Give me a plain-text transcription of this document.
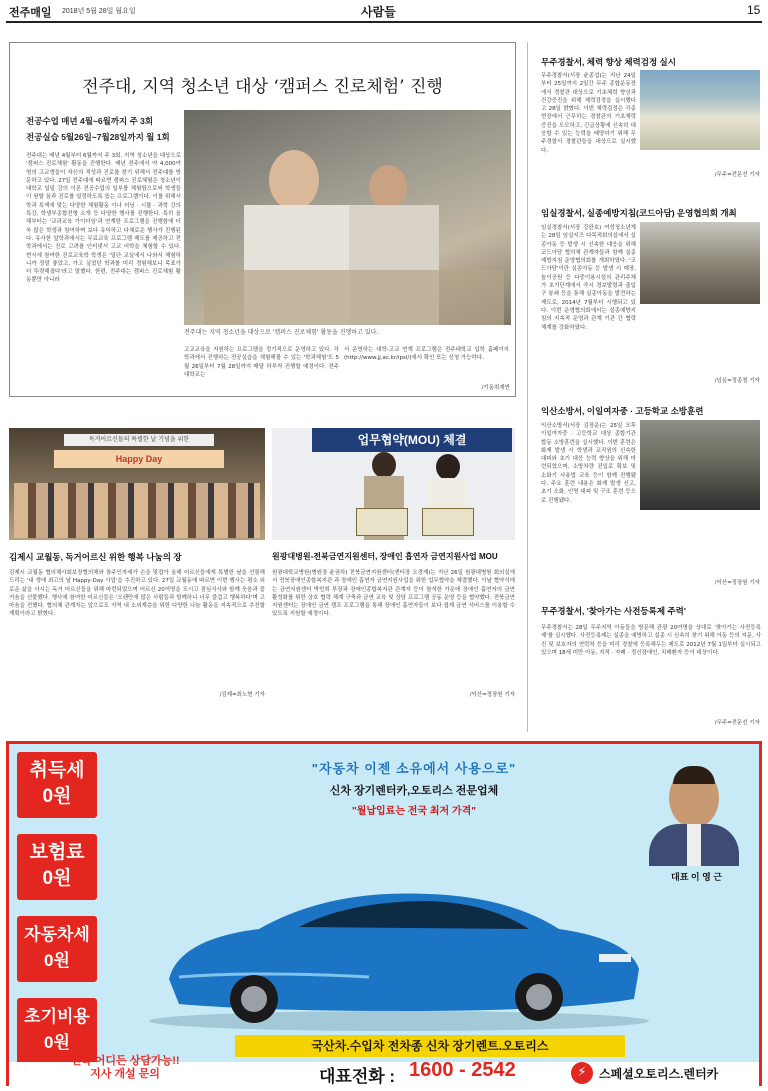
전주매일 2018년 5월 28일 월요일	사람들	15
전주대, 지역 청소년 대상 ‘캠퍼스 진로체험’ 진행
전공수업 매년 4월~6월까지 주 3회
전공실습 5월26일~7월28일까지 월 1회
전주대는 매년 4월부터 6월까지 주 3회, 지역 청소년을 대상으로 '캠퍼스 진로체험' 활동을 진행한다. 매년 전주에서 약 4,000여 명의 고교생들이 자신의 적성과 진로를 찾기 위해서 전주대를 방문하고 있다. 27일 전주대에 따르면 캠퍼스 진로체험은 청소년이 대학교 일일 강의 이론 전공수업의 일부를 체험함으로써 학생들이 원할 꿈과 진로를 설정하도록 돕는 프로그램이다. 이를 위해서 학과 특색에 맞는 다양한 체험활동 이나 러닝 · 시뮬 · 과학 강의 특강, 학생부종합전형 소개 등 다양한 행사를 진행한다. 특히 올해부터는 '교과교육 가이더임'과 연계한 프로그램을 진행함에 더욱 많은 학생과 참여하며 보다 유익하고 다채로운 행사가 진행된다. 유사한 앞학과에서는 무료교육 프로그램 제도를 제공하고 전 학과에서는 진로 고려를 인터넷서 고교 어학을 체험할 수 있다. 현시에 참여한 진로교육학 학생은 '일단 교실에서 나와서 체험하니까 정말 좋았고, 가고 싶었던 학과를 미리 경험해보니 목표가 더 뚜렷해졌다'라고 말했다. 한편, 전주대는 캠퍼스 진로체험 활동뿐만 아니라
전주대는 지역 청소년을 대상으로 '캠퍼스 진로체험' 활동을 진행하고 있다.
고교교육을 지원하는 프로그램을 정기적으로 운영하고 있다. 각 학과에서 진행하는 전공실습을 체험해볼 수 있는 '학과체험'도 5월 26일부터 7월 28일까지 매달 하루씩 진행할 예정이다. 전주대학교는
서 운영하는 대학-고교 연계 프로그램은 전주대학교 입학 홈페이지 (http://www.jj.ac.kr/ipsi/)에서 확인 또는 신청 가능하다.
/기동취재반
독거어르신들의 특별한 날 기념을 위한
Happy Day
김제시 교월동, 독거어르신 위한 행복 나눔의 장
김제시 교월동 협의체사회보장협의체와 참주인자세가 손을 맞잡아 올해 어르신들에게 특별한 날을 선물해 드리는 '내 생애 최고의 날 Happy-Day 사업'을 추진하고 있다. 27일 교월동에 따르면 이번 행사는 평소 외로운 삶을 사시는 독거 어르신들을 위해 마련되었으며 어르신 20여명을 모시고 점심식사와 함께 웃음과 즐거움을 선물했다. 행사에 참여한 어르신들은 '오랜만에 많은 사람들과 함께하니 너무 즐겁고 행복하다'며 고마움을 전했다. 협의체 관계자는 앞으로도 지역 내 소외계층을 위한 다양한 나눔 활동을 지속적으로 추진할 계획이라고 밝혔다.
/김제=최노현 기자
업무협약(MOU) 체결
원광대병원-전북금연지원센터, 장애인 흡연자 금연지원사업 MOU
원광대학교병원(병원장 윤권하) 전북금연지원센터(센터장 오경재)는 지난 26일 원광대병원 회의실에서 전북장애인종합복지관 과 장애인 흡연자 금연지원사업을 위한 업무협약을 체결했다. 이날 협약식에는 금연지원센터 박민희 부장과 장애인종합복지관 관계자 등이 참석한 가운데 장애인 흡연자의 금연 활성화를 위한 상호 협력 체계 구축과 금연 교육 및 상담 프로그램 공동 운영 등을 협약했다. 전북금연지원센터는 장애인 금연 캠프 프로그램을 통해 장애인 흡연자들이 보다 쉽게 금연 서비스를 이용할 수 있도록 지원할 예정이다.
/익산=정장원 기자
무주경찰서, 체력 향상 체력검정 실시
무주경찰서(서장 윤종섭)는 지난 24일부터 25일까지 2일간 무주 종합운동장에서 경찰관 대상으로 기초체력 향상과 건강증진을 위해 체력검정을 실시했다고 28일 밝혔다. 이번 체력검정은 각종 현장에서 근무하는 경찰관의 기초체력 증진을 도모하고, 긴급상황에 신속히 대응할 수 있는 능력을 배양하기 위해 무주경찰서 경찰관들을 대상으로 실시했다.
/무주=전문선 기자
임실경찰서, 실종예방지침(코드아담) 운영협의회 개최
임실경찰서(서장 강완호) 여성청소년계는 28일 임실지즈 다목적회의실에서 실종아동 등 발생 시 신속한 대응을 위해 코드아담 협의체 관계자들과 함께 실종예방지침 운영협의회를 개최하였다. '코드아담'이란 실종아동 등 발생 시 매장, 놀이공원 등 다중이용시설의 관리주체가 초기단계에서 즉시 경보발령과 출입구 봉쇄 등을 통해 실종아동을 발견하는 제도로, 2014년 7월부터 시행되고 있다. 이번 운영협의회에서는 실종예방지침의 지속적 운영과 관계 기관 간 협력 체계를 강화하였다.
/임실=정종철 기자
익산소방서, 이일여자중 · 고등학교 소방훈련
익산소방서(서장 김장운)는 25일 오후 이일여자중 · 고등학교 대상 종합기관 합동 소방훈련을 실시했다. 이번 훈련은 화재 발생 시 학생과 교직원의 신속한 대피와 초기 대응 능력 향상을 위해 마련되었으며, 소방차량 진입로 확보 및 소화기 사용법 교육 등이 함께 진행됐다. 주요 훈련 내용은 화재 발생 신고, 초기 소화, 인명 대피 및 구조 훈련 등으로 진행됐다.
/익산=정장원 기자
무주경찰서, '찾아가는 사전등록제 주력'
무주경찰서는 28일 무주지역 아동들을 방문해 관광 20여명을 상대로 '찾아가는 사전등록제'를 실시했다. 사전등록제는 실종을 예방하고 실종 시 신속히 찾기 위해 아동 등의 지문, 사진 및 보호자의 연락처 등을 미리 경찰에 등록해두는 제도로 2012년 7월 1일부터 실시되고 있으며 18세 미만 아동, 지적 · 자폐 · 정신장애인, 치매환자 등이 대상이다.
/무주=전문선 기자
취득세
0원
보험료
0원
자동차세
0원
초기비용
0원
"자동차 이젠 소유에서 사용으로"
신차 장기렌터카,오토리스 전문업체
"월납입료는 전국 최저 가격"
대표 이 영 근
국산차.수입차 전차종 신차 장기렌트.오토리스
전국 어디든 상담가능!!
지사 개설 문의	대표전화 : 1600 - 2542	⚡	스페셜오토리스.렌터카
